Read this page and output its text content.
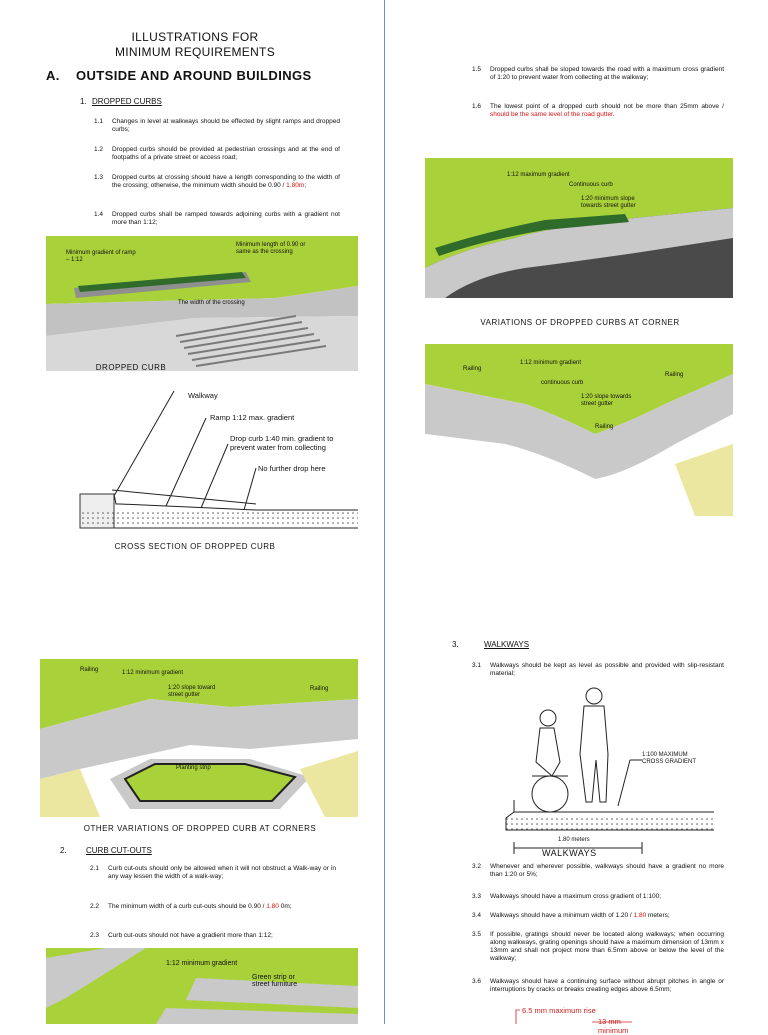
ILLUSTRATIONS FOR
MINIMUM REQUIREMENTS
A. OUTSIDE AND AROUND BUILDINGS
1. DROPPED CURBS
1.1 Changes in level at walkways should be effected by slight ramps and dropped curbs;
1.2 Dropped curbs should be provided at pedestrian crossings and at the end of footpaths of a private street or access road;
1.3 Dropped curbs at crossing should have a length corresponding to the width of the crossing; otherwise, the minimum width should be 0.90 / 1.80m;
1.4 Dropped curbs shall be ramped towards adjoining curbs with a gradient not more than 1:12;
Minimum gradient of ramp – 1:12
Minimum length of 0.90 or same as the crossing
The width of the crossing
DROPPED CURB
Walkway
Ramp 1:12 max. gradient
Drop curb 1:40 min. gradient to
prevent water from collecting
No further drop here
CROSS SECTION OF DROPPED CURB
Railing	1:12 minimum gradient
1:20 slope toward
street gutter
Railing
Planting strip
OTHER VARIATIONS OF DROPPED CURB AT CORNERS
2. CURB CUT-OUTS
2.1 Curb cut-outs should only be allowed when it will not obstruct a Walk-way or in any way lessen the width of a walk-way;
2.2 The minimum width of a curb cut-outs should be 0.90 / 1.80 0m;
2.3 Curb cut-outs should not have a gradient more than 1:12;
1:12 minimum gradient
Green strip or
street furniture
1.5 Dropped curbs shall be sloped towards the road with a maximum cross gradient of 1:20 to prevent water from collecting at the walkway;
1.6 The lowest point of a dropped curb should not be more than 25mm above / should be the same level of the road gutter.
1:12 maximum gradient
Continuous curb
1:20 minimum slope
towards street gutter
VARIATIONS OF DROPPED CURBS AT CORNER
Railing
1:12 minimum gradient
continuous curb
Railing
1:20 slope towards
street gutter
Railing
3.	WALKWAYS
3.1 Walkways should be kept as level as possible and provided with slip-resistant material;
1:100 MAXIMUM
CROSS GRADIENT
1.80 meters
WALKWAYS
3.2 Whenever and wherever possible, walkways should have a gradient no more than 1:20 or 5%;
3.3 Walkways should have a maximum cross gradient of 1:100;
3.4 Walkways should have a minimum width of 1.20 / 1.80 meters;
3.5 If possible, gratings should never be located along walkways; when occurring along walkways, grating openings should have a maximum dimension of 13mm x 13mm and shall not project more than 6.5mm above or below the level of the walkway;
3.6 Walkways should have a continuing surface without abrupt pitches in angle or interruptions by cracks or breaks creating edges above 6.5mm;
6.5 mm maximum rise
13 mm minimum
